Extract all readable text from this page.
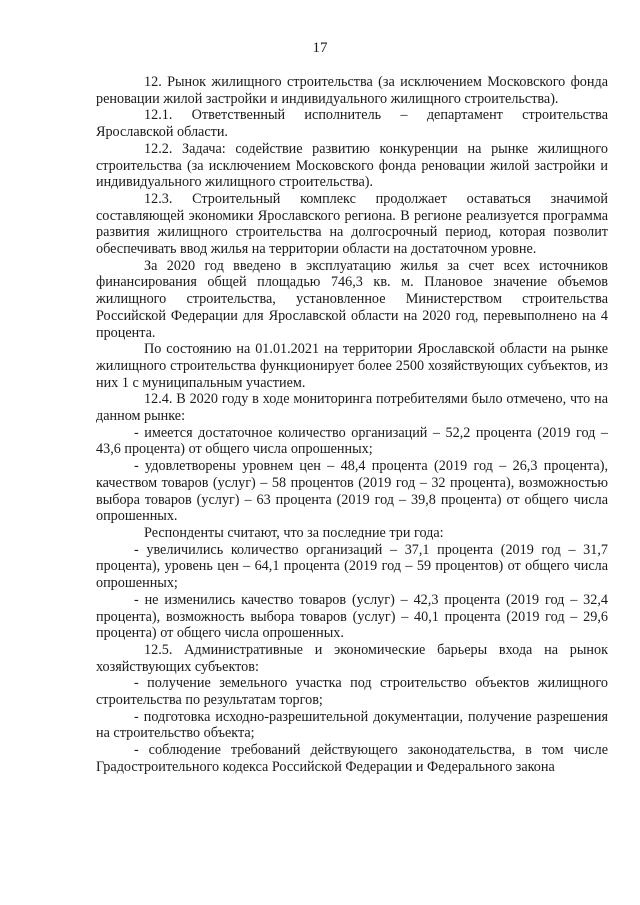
17

12. Рынок жилищного строительства (за исключением Московского фонда реновации жилой застройки и индивидуального жилищного строительства).

12.1. Ответственный исполнитель – департамент строительства Ярославской области.

12.2. Задача: содействие развитию конкуренции на рынке жилищного строительства (за исключением Московского фонда реновации жилой застройки и индивидуального жилищного строительства).

12.3. Строительный комплекс продолжает оставаться значимой составляющей экономики Ярославского региона. В регионе реализуется программа развития жилищного строительства на долгосрочный период, которая позволит обеспечивать ввод жилья на территории области на достаточном уровне.

За 2020 год введено в эксплуатацию жилья за счет всех источников финансирования общей площадью 746,3 кв. м. Плановое значение объемов жилищного строительства, установленное Министерством строительства Российской Федерации для Ярославской области на 2020 год, перевыполнено на 4 процента.

По состоянию на 01.01.2021 на территории Ярославской области на рынке жилищного строительства функционирует более 2500 хозяйствующих субъектов, из них 1 с муниципальным участием.

12.4. В 2020 году в ходе мониторинга потребителями было отмечено, что на данном рынке:

- имеется достаточное количество организаций – 52,2 процента (2019 год – 43,6 процента) от общего числа опрошенных;

- удовлетворены уровнем цен – 48,4 процента (2019 год – 26,3 процента), качеством товаров (услуг) – 58 процентов (2019 год – 32 процента), возможностью выбора товаров (услуг) – 63 процента (2019 год – 39,8 процента) от общего числа опрошенных.

Респонденты считают, что за последние три года:

- увеличились количество организаций – 37,1 процента (2019 год – 31,7 процента), уровень цен – 64,1 процента (2019 год – 59 процентов) от общего числа опрошенных;

- не изменились качество товаров (услуг) – 42,3 процента (2019 год – 32,4 процента), возможность выбора товаров (услуг) – 40,1 процента (2019 год – 29,6 процента) от общего числа опрошенных.

12.5. Административные и экономические барьеры входа на рынок хозяйствующих субъектов:

- получение земельного участка под строительство объектов жилищного строительства по результатам торгов;

- подготовка исходно-разрешительной документации, получение разрешения на строительство объекта;

- соблюдение требований действующего законодательства, в том числе Градостроительного кодекса Российской Федерации и Федерального закона
